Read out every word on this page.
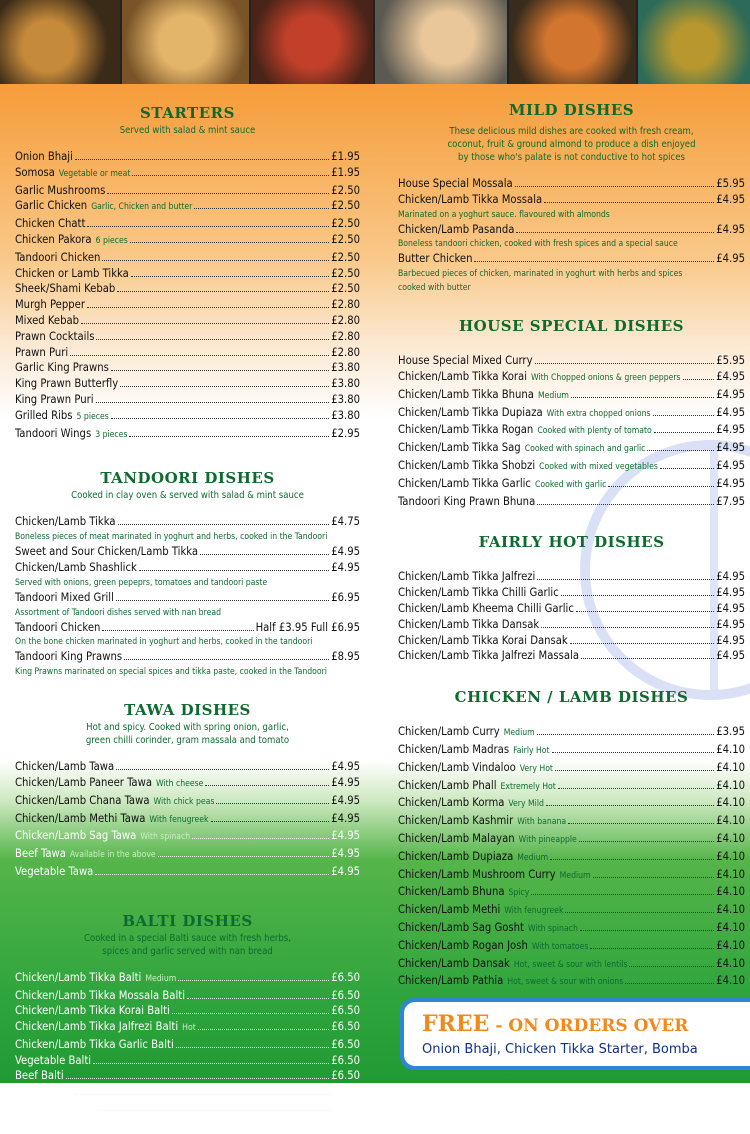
STARTERS
Served with salad & mint sauce
Onion Bhaji	£1.95
Somosa Vegetable or meat	£1.95
Garlic Mushrooms	£2.50
Garlic Chicken Garlic, Chicken and butter	£2.50
Chicken Chatt	£2.50
Chicken Pakora 6 pieces	£2.50
Tandoori Chicken	£2.50
Chicken or Lamb Tikka	£2.50
Sheek/Shami Kebab	£2.50
Murgh Pepper	£2.80
Mixed Kebab	£2.80
Prawn Cocktails	£2.80
Prawn Puri	£2.80
Garlic King Prawns	£3.80
King Prawn Butterfly	£3.80
King Prawn Puri	£3.80
Grilled Ribs 5 pieces	£3.80
Tandoori Wings 3 pieces	£2.95
TANDOORI DISHES
Cooked in clay oven & served with salad & mint sauce
Chicken/Lamb Tikka	£4.75
Boneless pieces of meat marinated in yoghurt and herbs, cooked in the Tandoori
Sweet and Sour Chicken/Lamb Tikka	£4.95
Chicken/Lamb Shashlick	£4.95
Served with onions, green pepeprs, tomatoes and tandoori paste
Tandoori Mixed Grill	£6.95
Assortment of Tandoori dishes served with nan bread
Tandoori Chicken	Half £3.95 Full £6.95
On the bone chicken marinated in yoghurt and herbs, cooked in the tandoori
Tandoori King Prawns	£8.95
King Prawns marinated on special spices and tikka paste, cooked in the Tandoori
TAWA DISHES
Hot and spicy. Cooked with spring onion, garlic,
green chilli corinder, gram massala and tomato
Chicken/Lamb Tawa	£4.95
Chicken/Lamb Paneer Tawa With cheese	£4.95
Chicken/Lamb Chana Tawa With chick peas	£4.95
Chicken/Lamb Methi Tawa With fenugreek	£4.95
Chicken/Lamb Sag Tawa With spinach	£4.95
Beef Tawa Available in the above	£4.95
Vegetable Tawa	£4.95
BALTI DISHES
Cooked in a special Balti sauce with fresh herbs,
spices and garlic served with nan bread
Chicken/Lamb Tikka Balti Medium	£6.50
Chicken/Lamb Tikka Mossala Balti	£6.50
Chicken/Lamb Tikka Korai Balti	£6.50
Chicken/Lamb Tikka Jalfrezi Balti Hot	£6.50
Chicken/Lamb Tikka Garlic Balti	£6.50
Vegetable Balti	£6.50
Beef Balti	£6.50
Prawn Balti	£6.50
King Prawn Balti	£7.50
MILD DISHES
These delicious mild dishes are cooked with fresh cream,
coconut, fruit & ground almond to produce a dish enjoyed
by those who's palate is not conductive to hot spices
House Special Mossala	£5.95
Chicken/Lamb Tikka Mossala	£4.95
Marinated on a yoghurt sauce. flavoured with almonds
Chicken/Lamb Pasanda	£4.95
Boneless tandoori chicken, cooked with fresh spices and a special sauce
Butter Chicken	£4.95
Barbecued pieces of chicken, marinated in yoghurt with herbs and spices
cooked with butter
HOUSE SPECIAL DISHES
House Special Mixed Curry	£5.95
Chicken/Lamb Tikka Korai With Chopped onions & green peppers	£4.95
Chicken/Lamb Tikka Bhuna Medium	£4.95
Chicken/Lamb Tikka Dupiaza With extra chopped onions	£4.95
Chicken/Lamb Tikka Rogan Cooked with plenty of tomato	£4.95
Chicken/Lamb Tikka Sag Cooked with spinach and garlic	£4.95
Chicken/Lamb Tikka Shobzi Cooked with mixed vegetables	£4.95
Chicken/Lamb Tikka Garlic Cooked with garlic	£4.95
Tandoori King Prawn Bhuna	£7.95
FAIRLY HOT DISHES
Chicken/Lamb Tikka Jalfrezi	£4.95
Chicken/Lamb Tikka Chilli Garlic	£4.95
Chicken/Lamb Kheema Chilli Garlic	£4.95
Chicken/Lamb Tikka Dansak	£4.95
Chicken/Lamb Tikka Korai Dansak	£4.95
Chicken/Lamb Tikka Jalfrezi Massala	£4.95
CHICKEN / LAMB DISHES
Chicken/Lamb Curry Medium	£3.95
Chicken/Lamb Madras Fairly Hot	£4.10
Chicken/Lamb Vindaloo Very Hot	£4.10
Chicken/Lamb Phall Extremely Hot	£4.10
Chicken/Lamb Korma Very Mild	£4.10
Chicken/Lamb Kashmir With banana	£4.10
Chicken/Lamb Malayan With pineapple	£4.10
Chicken/Lamb Dupiaza Medium	£4.10
Chicken/Lamb Mushroom Curry Medium	£4.10
Chicken/Lamb Bhuna Spicy	£4.10
Chicken/Lamb Methi With fenugreek	£4.10
Chicken/Lamb Sag Gosht With spinach	£4.10
Chicken/Lamb Rogan Josh With tomatoes	£4.10
Chicken/Lamb Dansak Hot, sweet & sour with lentils	£4.10
Chicken/Lamb Pathia Hot, sweet & sour with onions	£4.10
FREE - ON ORDERS OVER
Onion Bhaji, Chicken Tikka Starter, Bomba
